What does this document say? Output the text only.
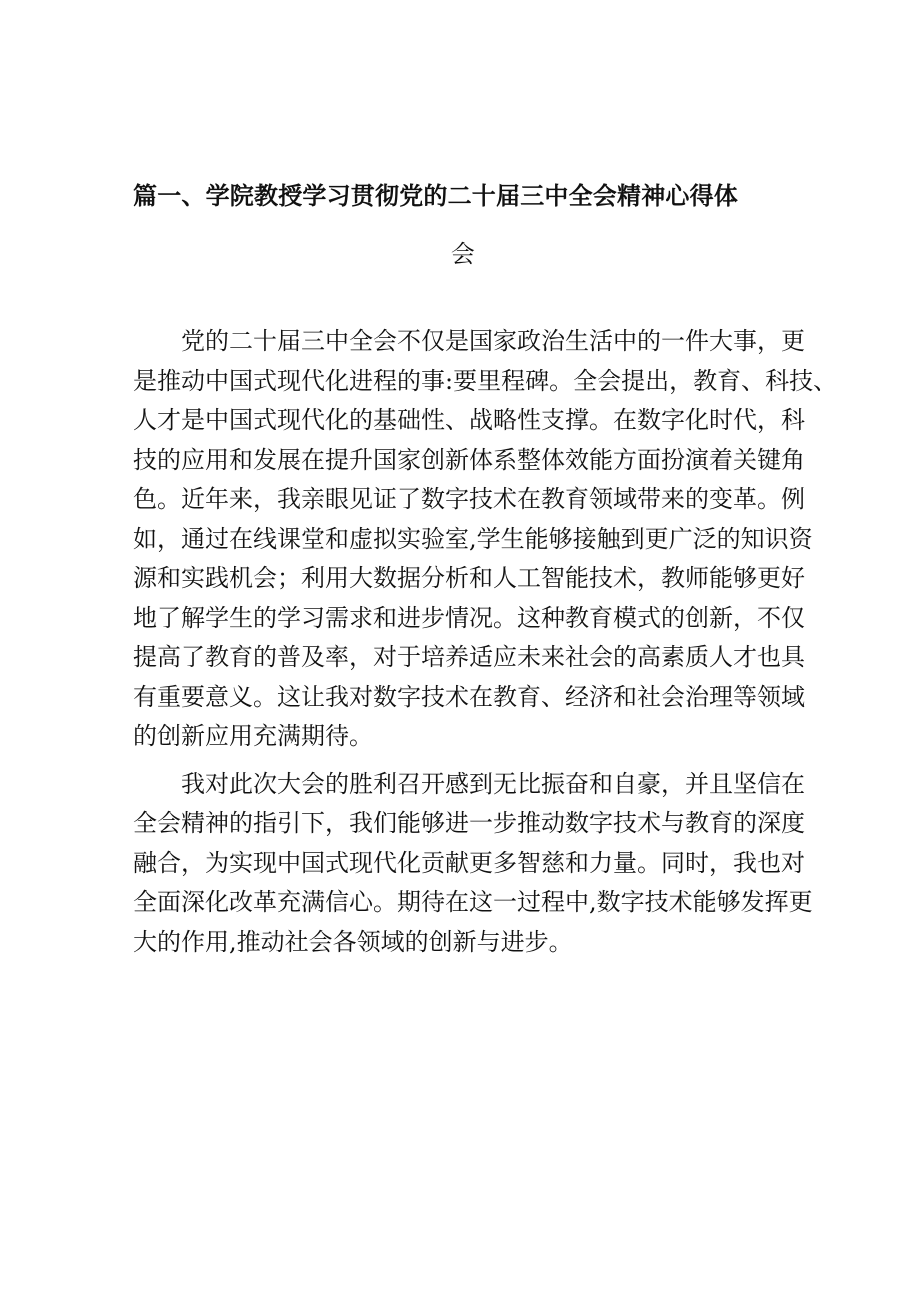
篇一、学院教授学习贯彻党的二十届三中全会精神心得体
会

党的二十届三中全会不仅是国家政治生活中的一件大事，更
是推动中国式现代化进程的事:要里程碑。全会提出，教育、科技、
人才是中国式现代化的基础性、战略性支撑。在数字化时代，科
技的应用和发展在提升国家创新体系整体效能方面扮演着关键角
色。近年来，我亲眼见证了数字技术在教育领域带来的变革。例
如，通过在线课堂和虚拟实验室,学生能够接触到更广泛的知识资
源和实践机会；利用大数据分析和人工智能技术，教师能够更好
地了解学生的学习需求和进步情况。这种教育模式的创新，不仅
提高了教育的普及率，对于培养适应未来社会的高素质人才也具
有重要意义。这让我对数字技术在教育、经济和社会治理等领域
的创新应用充满期待。

我对此次大会的胜利召开感到无比振奋和自豪，并且坚信在
全会精神的指引下，我们能够进一步推动数字技术与教育的深度
融合，为实现中国式现代化贡献更多智慈和力量。同时，我也对
全面深化改革充满信心。期待在这一过程中,数字技术能够发挥更
大的作用,推动社会各领域的创新与进步。
